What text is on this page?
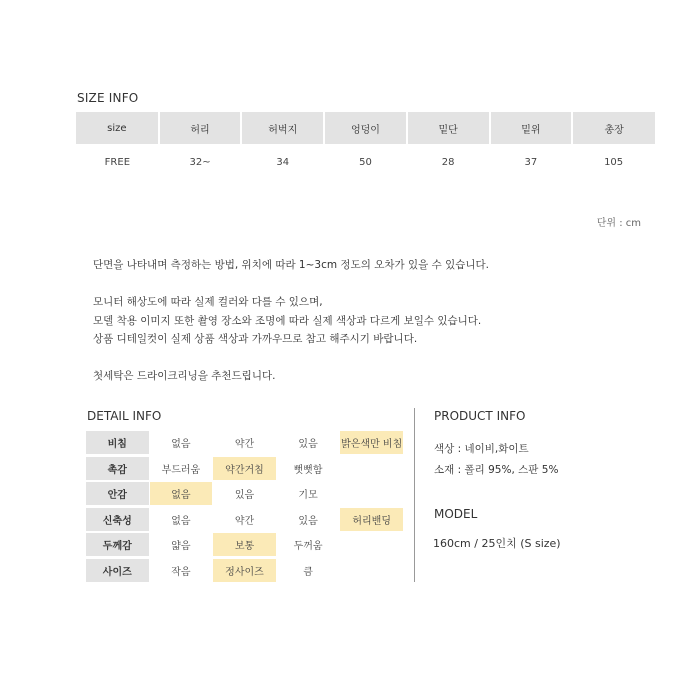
SIZE INFO
size	허리	허벅지	엉덩이	밑단	밑위	총장
FREE	32~	34	50	28	37	105
단위 : cm

단면을 나타내며 측정하는 방법, 위치에 따라 1~3cm 정도의 오차가 있을 수 있습니다.

모니터 해상도에 따라 실제 컬러와 다를 수 있으며,

모델 착용 이미지 또한 촬영 장소와 조명에 따라 실제 색상과 다르게 보일수 있습니다.

상품 디테일컷이 실제 상품 색상과 가까우므로 참고 해주시기 바랍니다.

첫세탁은 드라이크리닝을 추천드립니다.

DETAIL INFO
비침	없음	약간	있음	밝은색만 비침
촉감	부드러움	약간거침	뻣뻣함
안감	없음	있음	기모
신축성	없음	약간	있음	허리밴딩
두께감	얇음	보통	두꺼움
사이즈	작음	정사이즈	큼
PRODUCT INFO
색상 : 네이비,화이트
소재 : 폴리 95%, 스판 5%
MODEL
160cm / 25인치 (S size)
